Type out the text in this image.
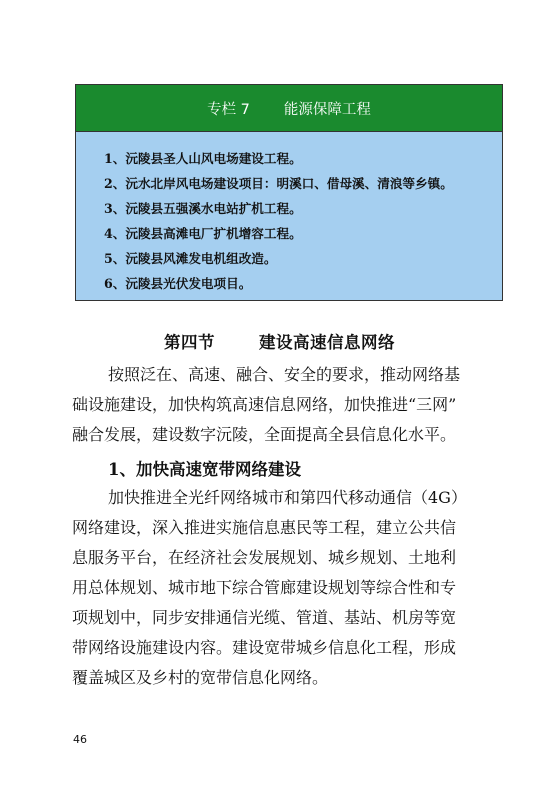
专栏 7 能源保障工程
1、沅陵县圣人山风电场建设工程。
2、沅水北岸风电场建设项目：明溪口、借母溪、清浪等乡镇。
3、沅陵县五强溪水电站扩机工程。
4、沅陵县高滩电厂扩机增容工程。
5、沅陵县风滩发电机组改造。
6、沅陵县光伏发电项目。
第四节	建设高速信息网络

按照泛在、高速、融合、安全的要求，推动网络基

础设施建设，加快构筑高速信息网络，加快推进“三网”

融合发展，建设数字沅陵，全面提高全县信息化水平。

1、加快高速宽带网络建设

加快推进全光纤网络城市和第四代移动通信（4G）

网络建设，深入推进实施信息惠民等工程，建立公共信

息服务平台，在经济社会发展规划、城乡规划、土地利

用总体规划、城市地下综合管廊建设规划等综合性和专

项规划中，同步安排通信光缆、管道、基站、机房等宽

带网络设施建设内容。建设宽带城乡信息化工程，形成

覆盖城区及乡村的宽带信息化网络。

46
